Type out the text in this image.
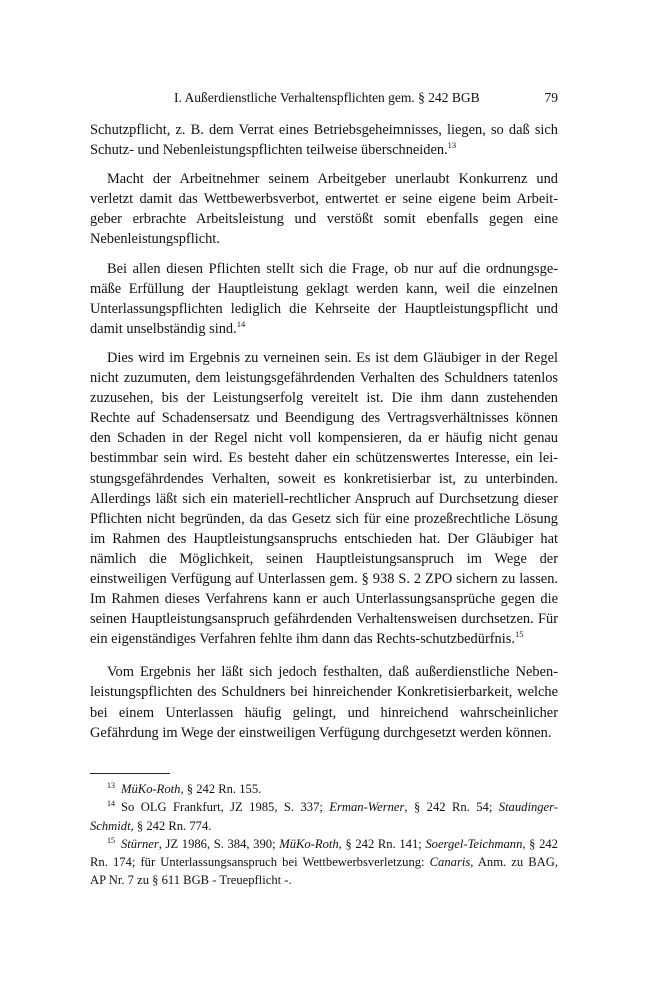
I. Außerdienstliche Verhaltenspflichten gem. § 242 BGB	79

Schutzpflicht, z. B. dem Verrat eines Betriebsgeheimnisses, liegen, so daß sich Schutz- und Nebenleistungspflichten teilweise überschneiden.$^{13}$

Macht der Arbeitnehmer seinem Arbeitgeber unerlaubt Konkurrenz und verletzt damit das Wettbewerbsverbot, entwertet er seine eigene beim Arbeit-geber erbrachte Arbeitsleistung und verstößt somit ebenfalls gegen eine Nebenleistungspflicht.

Bei allen diesen Pflichten stellt sich die Frage, ob nur auf die ordnungsge-mäße Erfüllung der Hauptleistung geklagt werden kann, weil die einzelnen Unterlassungspflichten lediglich die Kehrseite der Hauptleistungspflicht und damit unselbständig sind.$^{14}$

Dies wird im Ergebnis zu verneinen sein. Es ist dem Gläubiger in der Regel nicht zuzumuten, dem leistungsgefährdenden Verhalten des Schuldners tatenlos zuzusehen, bis der Leistungserfolg vereitelt ist. Die ihm dann zustehenden Rechte auf Schadensersatz und Beendigung des Vertragsverhältnisses können den Schaden in der Regel nicht voll kompensieren, da er häufig nicht genau bestimmbar sein wird. Es besteht daher ein schützenswertes Interesse, ein lei-stungsgefährdendes Verhalten, soweit es konkretisierbar ist, zu unterbinden. Allerdings läßt sich ein materiell-rechtlicher Anspruch auf Durchsetzung dieser Pflichten nicht begründen, da das Gesetz sich für eine prozeßrechtliche Lösung im Rahmen des Hauptleistungsanspruchs entschieden hat. Der Gläubiger hat nämlich die Möglichkeit, seinen Hauptleistungsanspruch im Wege der einstweiligen Verfügung auf Unterlassen gem. § 938 S. 2 ZPO sichern zu lassen. Im Rahmen dieses Verfahrens kann er auch Unterlassungsansprüche gegen die seinen Hauptleistungsanspruch gefährdenden Verhaltensweisen durchsetzen. Für ein eigenständiges Verfahren fehlte ihm dann das Rechts-schutzbedürfnis.$^{15}$

Vom Ergebnis her läßt sich jedoch festhalten, daß außerdienstliche Neben-leistungspflichten des Schuldners bei hinreichender Konkretisierbarkeit, welche bei einem Unterlassen häufig gelingt, und hinreichend wahrscheinlicher Gefährdung im Wege der einstweiligen Verfügung durchgesetzt werden können.

$^{13}$ MüKo-Roth, § 242 Rn. 155.

$^{14}$ So OLG Frankfurt, JZ 1985, S. 337; Erman-Werner, § 242 Rn. 54; Staudinger-Schmidt, § 242 Rn. 774.

$^{15}$ Stürner, JZ 1986, S. 384, 390; MüKo-Roth, § 242 Rn. 141; Soergel-Teichmann, § 242 Rn. 174; für Unterlassungsanspruch bei Wettbewerbsverletzung: Canaris, Anm. zu BAG, AP Nr. 7 zu § 611 BGB - Treuepflicht -.
